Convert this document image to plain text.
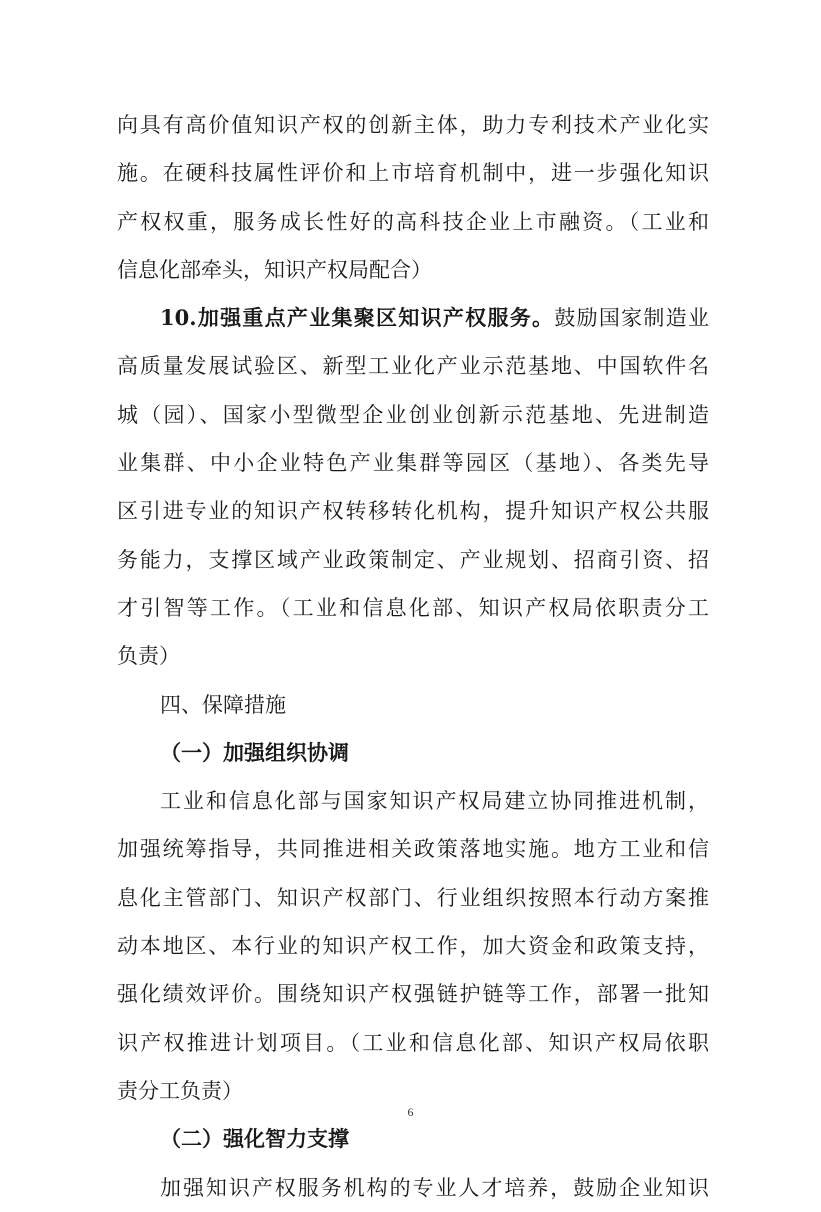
向具有高价值知识产权的创新主体，助力专利技术产业化实
施。在硬科技属性评价和上市培育机制中，进一步强化知识
产权权重，服务成长性好的高科技企业上市融资。（工业和
信息化部牵头，知识产权局配合）
10.加强重点产业集聚区知识产权服务。鼓励国家制造业
高质量发展试验区、新型工业化产业示范基地、中国软件名
城（园）、国家小型微型企业创业创新示范基地、先进制造
业集群、中小企业特色产业集群等园区（基地）、各类先导
区引进专业的知识产权转移转化机构，提升知识产权公共服
务能力，支撑区域产业政策制定、产业规划、招商引资、招
才引智等工作。（工业和信息化部、知识产权局依职责分工
负责）
四、保障措施
（一）加强组织协调
工业和信息化部与国家知识产权局建立协同推进机制，
加强统筹指导，共同推进相关政策落地实施。地方工业和信
息化主管部门、知识产权部门、行业组织按照本行动方案推
动本地区、本行业的知识产权工作，加大资金和政策支持，
强化绩效评价。围绕知识产权强链护链等工作，部署一批知
识产权推进计划项目。（工业和信息化部、知识产权局依职
责分工负责）
（二）强化智力支撑
加强知识产权服务机构的专业人才培养，鼓励企业知识
6
